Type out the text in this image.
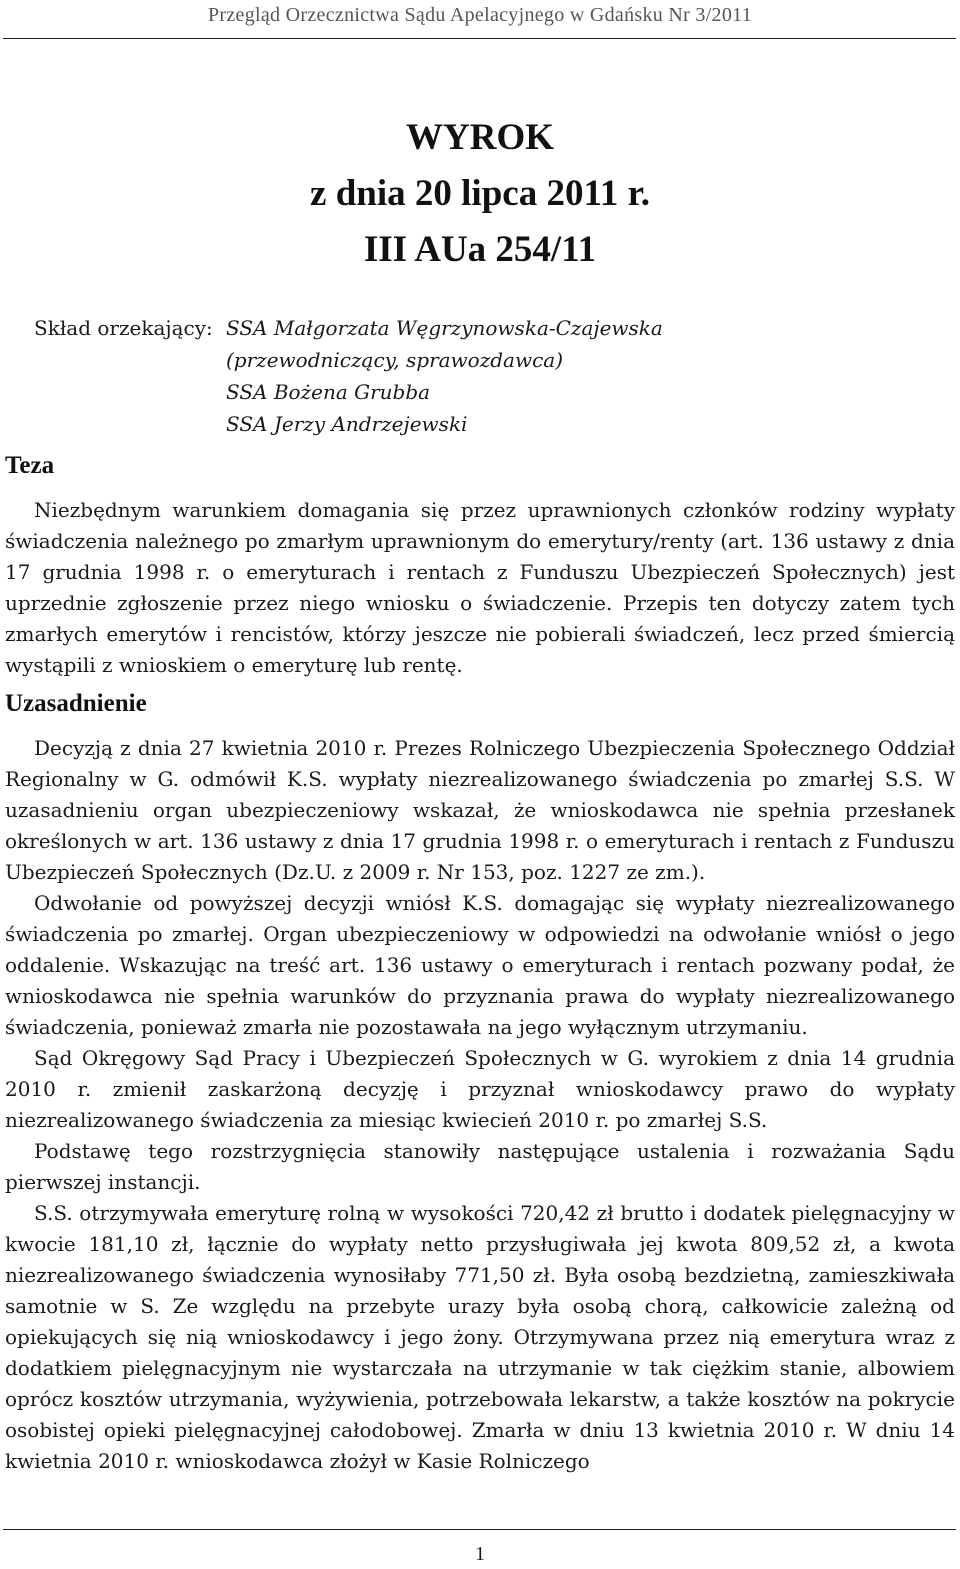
Przegląd Orzecznictwa Sądu Apelacyjnego w Gdańsku Nr 3/2011
WYROK
z dnia 20 lipca 2011 r.
III AUa 254/11
Skład orzekający: SSA Małgorzata Węgrzynowska-Czajewska
(przewodniczący, sprawozdawca)
SSA Bożena Grubba
SSA Jerzy Andrzejewski
Teza

Niezbędnym warunkiem domagania się przez uprawnionych członków rodziny wypłaty świadczenia należnego po zmarłym uprawnionym do emerytury/renty (art. 136 ustawy z dnia 17 grudnia 1998 r. o emeryturach i rentach z Funduszu Ubezpieczeń Społecznych) jest uprzednie zgłoszenie przez niego wniosku o świadczenie. Przepis ten dotyczy zatem tych zmarłych emerytów i rencistów, którzy jeszcze nie pobierali świadczeń, lecz przed śmiercią wystąpili z wnioskiem o emeryturę lub rentę.

Uzasadnienie

Decyzją z dnia 27 kwietnia 2010 r. Prezes Rolniczego Ubezpieczenia Społecznego Oddział Regionalny w G. odmówił K.S. wypłaty niezrealizowanego świadczenia po zmarłej S.S. W uzasadnieniu organ ubezpieczeniowy wskazał, że wnioskodawca nie spełnia przesłanek określonych w art. 136 ustawy z dnia 17 grudnia 1998 r. o emeryturach i rentach z Funduszu Ubezpieczeń Społecznych (Dz.U. z 2009 r. Nr 153, poz. 1227 ze zm.).

Odwołanie od powyższej decyzji wniósł K.S. domagając się wypłaty niezrealizowanego świadczenia po zmarłej. Organ ubezpieczeniowy w odpowiedzi na odwołanie wniósł o jego oddalenie. Wskazując na treść art. 136 ustawy o emeryturach i rentach pozwany podał, że wnioskodawca nie spełnia warunków do przyznania prawa do wypłaty niezrealizowanego świadczenia, ponieważ zmarła nie pozostawała na jego wyłącznym utrzymaniu.

Sąd Okręgowy Sąd Pracy i Ubezpieczeń Społecznych w G. wyrokiem z dnia 14 grudnia 2010 r. zmienił zaskarżoną decyzję i przyznał wnioskodawcy prawo do wypłaty niezrealizowanego świadczenia za miesiąc kwiecień 2010 r. po zmarłej S.S.

Podstawę tego rozstrzygnięcia stanowiły następujące ustalenia i rozważania Sądu pierwszej instancji.

S.S. otrzymywała emeryturę rolną w wysokości 720,42 zł brutto i dodatek pielęgnacyjny w kwocie 181,10 zł, łącznie do wypłaty netto przysługiwała jej kwota 809,52 zł, a kwota niezrealizowanego świadczenia wynosiłaby 771,50 zł. Była osobą bezdzietną, zamieszkiwała samotnie w S. Ze względu na przebyte urazy była osobą chorą, całkowicie zależną od opiekujących się nią wnioskodawcy i jego żony. Otrzymywana przez nią emerytura wraz z dodatkiem pielęgnacyjnym nie wystarczała na utrzymanie w tak ciężkim stanie, albowiem oprócz kosztów utrzymania, wyżywienia, potrzebowała lekarstw, a także kosztów na pokrycie osobistej opieki pielęgnacyjnej całodobowej. Zmarła w dniu 13 kwietnia 2010 r. W dniu 14 kwietnia 2010 r. wnioskodawca złożył w Kasie Rolniczego

1
